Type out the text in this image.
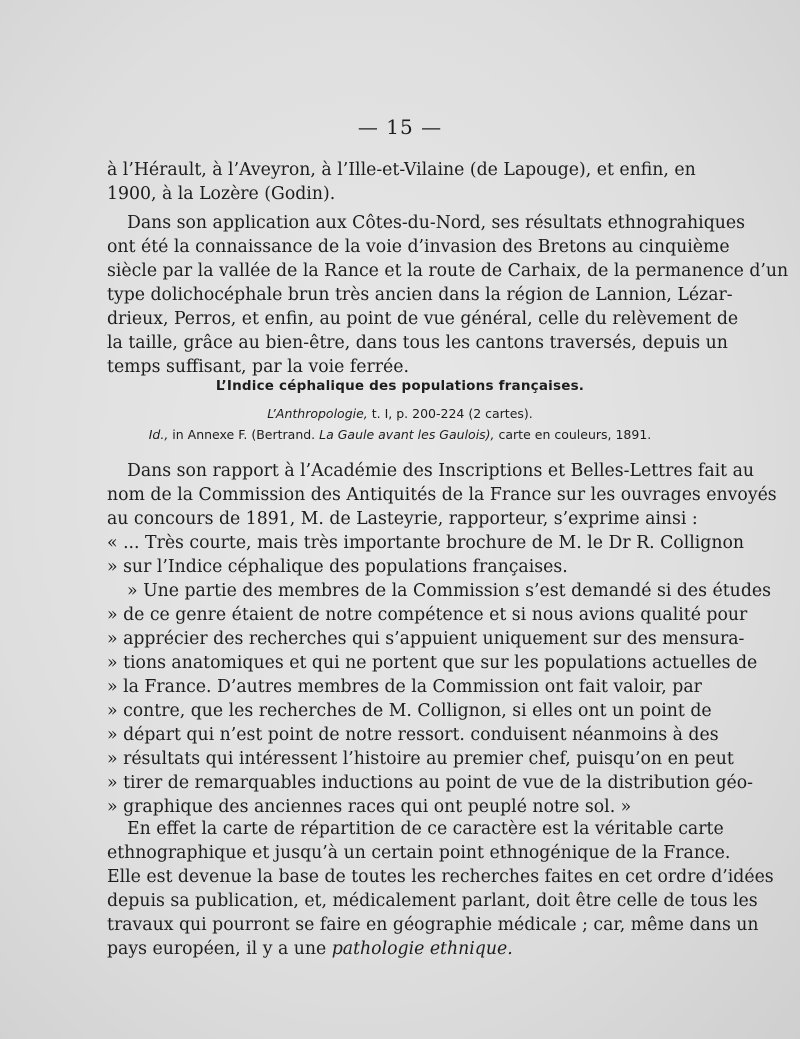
— 15 —
à l’Hérault, à l’Aveyron, à l’Ille-et-Vilaine (de Lapouge), et enfin, en
1900, à la Lozère (Godin).
Dans son application aux Côtes-du-Nord, ses résultats ethnograhiques
ont été la connaissance de la voie d’invasion des Bretons au cinquième
siècle par la vallée de la Rance et la route de Carhaix, de la permanence d’un
type dolichocéphale brun très ancien dans la région de Lannion, Lézar-
drieux, Perros, et enfin, au point de vue général, celle du relèvement de
la taille, grâce au bien-être, dans tous les cantons traversés, depuis un
temps suffisant, par la voie ferrée.
L’Indice céphalique des populations françaises.
L’Anthropologie, t. I, p. 200-224 (2 cartes).
Id., in Annexe F. (Bertrand. La Gaule avant les Gaulois), carte en couleurs, 1891.
Dans son rapport à l’Académie des Inscriptions et Belles-Lettres fait au
nom de la Commission des Antiquités de la France sur les ouvrages envoyés
au concours de 1891, M. de Lasteyrie, rapporteur, s’exprime ainsi :
« ... Très courte, mais très importante brochure de M. le Dr R. Collignon
» sur l’Indice céphalique des populations françaises.
» Une partie des membres de la Commission s’est demandé si des études
» de ce genre étaient de notre compétence et si nous avions qualité pour
» apprécier des recherches qui s’appuient uniquement sur des mensura-
» tions anatomiques et qui ne portent que sur les populations actuelles de
» la France. D’autres membres de la Commission ont fait valoir, par
» contre, que les recherches de M. Collignon, si elles ont un point de
» départ qui n’est point de notre ressort. conduisent néanmoins à des
» résultats qui intéressent l’histoire au premier chef, puisqu’on en peut
» tirer de remarquables inductions au point de vue de la distribution géo-
» graphique des anciennes races qui ont peuplé notre sol. »
En effet la carte de répartition de ce caractère est la véritable carte
ethnographique et jusqu’à un certain point ethnogénique de la France.
Elle est devenue la base de toutes les recherches faites en cet ordre d’idées
depuis sa publication, et, médicalement parlant, doit être celle de tous les
travaux qui pourront se faire en géographie médicale ; car, même dans un
pays européen, il y a une pathologie ethnique.
